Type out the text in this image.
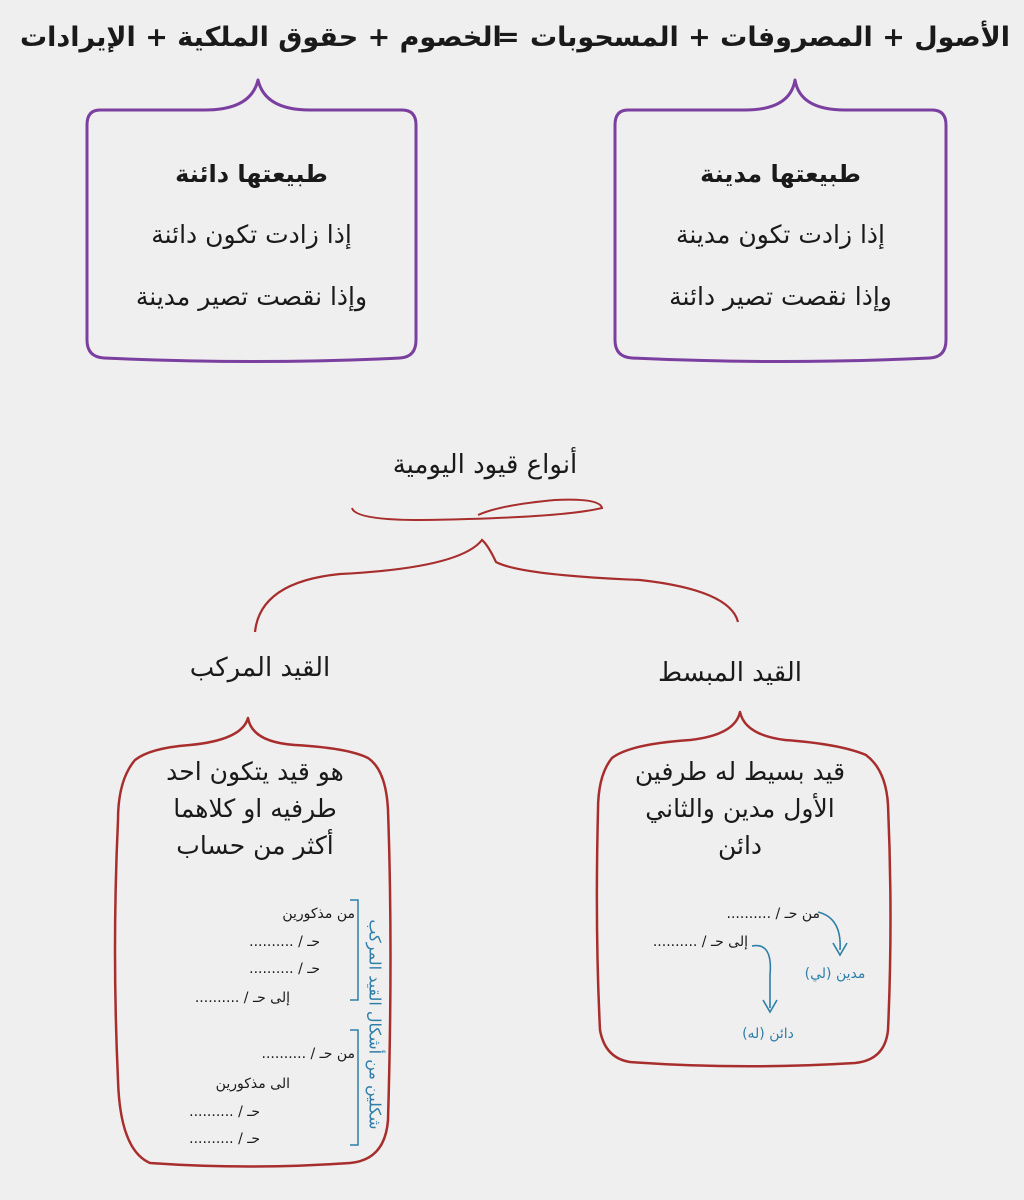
الأصول + المصروفات + المسحوبات
=
الخصوم + حقوق الملكية + الإيرادات
طبيعتها مدينة
إذا زادت تكون مدينة
وإذا نقصت تصير دائنة
طبيعتها دائنة
إذا زادت تكون دائنة
وإذا نقصت تصير مدينة
أنواع قيود اليومية
القيد المبسط
القيد المركب
قيد بسيط له طرفين الأول مدين والثاني دائن
من حـ / ..........
إلى حـ / ..........
مدين (لي)
دائن (له)
هو قيد يتكون احد طرفيه او كلاهما أكثر من حساب
من مذكورين
حـ / ..........
حـ / ..........
إلى حـ / ..........
من حـ / ..........
الى مذكورين
حـ / ..........
حـ / ..........
شكلين من أشكال القيد المركب
